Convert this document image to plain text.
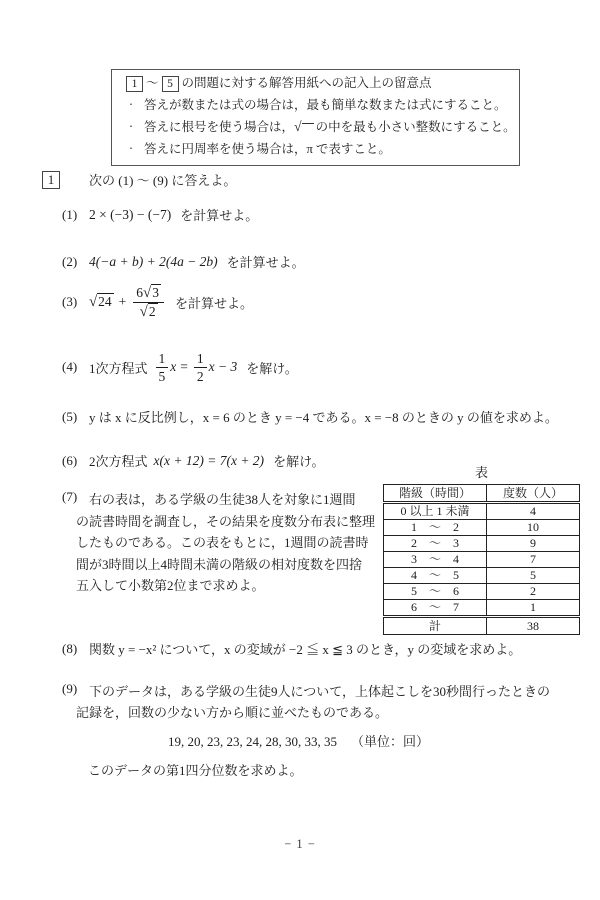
1 ～ 5 の問題に対する解答用紙への記入上の留意点
・ 答えが数または式の場合は，最も簡単な数または式にすること。
・ 答えに根号を使う場合は，√ の中を最も小さい整数にすること。
・ 答えに円周率を使う場合は，π で表すこと。
1	次の (1) ～ (9) に答えよ。
(1) 2 × (−3) − (−7) を計算せよ。
(2) 4(−a + b) + 2(4a − 2b) を計算せよ。
(3) $√24 + \frac{6√3}{√2}$ を計算せよ。
(4) 1次方程式 $\frac{1}{5}$ $x = \frac{1}{2}$ x − 3 を解け。
(5) y は x に反比例し，x = 6 のとき y = −4 である。x = −8 のときの y の値を求めよ。
(6) 2次方程式 x(x + 12) = 7(x + 2) を解け。
(7) 右の表は，ある学級の生徒38人を対象に1週間
の読書時間を調査し，その結果を度数分布表に整理
したものである。この表をもとに，1週間の読書時
間が3時間以上4時間未満の階級の相対度数を四捨
五入して小数第2位まで求めよ。
表
階級（時間）	度数（人）
0 以上 1 未満	4
1　～　2	10
2　～　3	9
3　～　4	7
4　～　5	5
5　～　6	2
6　～　7	1
計	38
(8) 関数 y = −x² について，x の変域が −2 ≦ x ≦ 3 のとき，y の変域を求めよ。
(9) 下のデータは，ある学級の生徒9人について，上体起こしを30秒間行ったときの
記録を，回数の少ない方から順に並べたものである。
19, 20, 23, 23, 24, 28, 30, 33, 35 （単位：回）
このデータの第1四分位数を求めよ。
− 1 −
